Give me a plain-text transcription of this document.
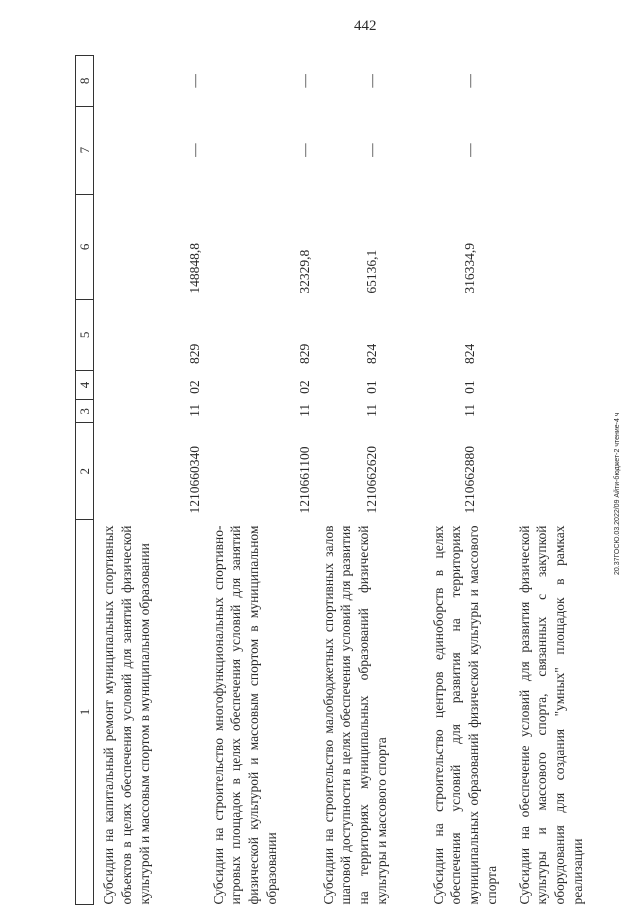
442
20.37ГОСЮ.03.2022/09 Aйти-бюджет-2 чтение-4 ч
1	2	3	4	5	6	7	8
Субсидии на капитальный ремонт муниципальных спортивных объектов в целях обеспечения условий для занятий физической культурой и массовым спортом в муниципальном образовании	1210660340	11	02	829	148848,8	—	—
Субсидии на строительство многофункциональных спортивно-игровых площадок в целях обеспечения условий для занятий физической культурой и массовым спортом в муниципальном образовании	1210661100	11	02	829	32329,8	—	—
Субсидии на строительство малобюджетных спортивных залов шаговой доступности в целях обеспечения условий для развития на территориях муниципальных образований физической культуры и массового спорта	1210662620	11	01	824	65136,1	—	—
Субсидии на строительство центров единоборств в целях обеспечения условий для развития на территориях муниципальных образований физической культуры и массового спорта	1210662880	11	01	824	316334,9	—	—
Субсидии на обеспечение условий для развития физической культуры и массового спорта, связанных с закупкой оборудования для создания "умных" площадок в рамках реализации							
